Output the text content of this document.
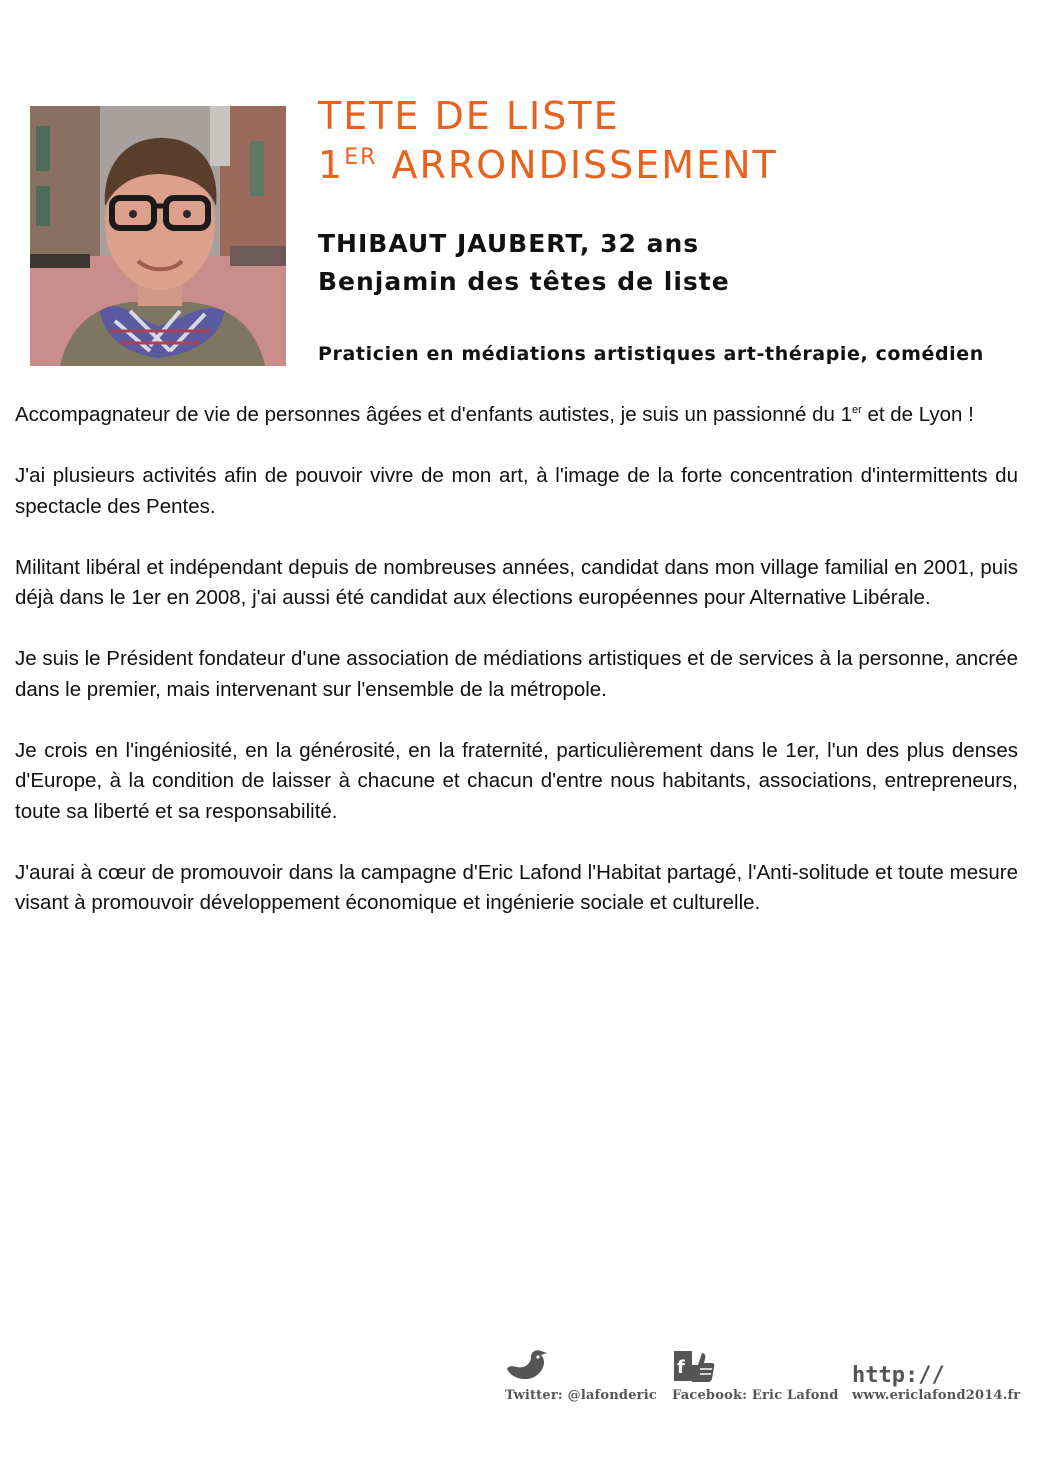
TETE DE LISTE
1ER ARRONDISSEMENT
THIBAUT JAUBERT, 32 ans
Benjamin des têtes de liste
Praticien en médiations artistiques art-thérapie, comédien

Accompagnateur de vie de personnes âgées et d'enfants autistes, je suis un passionné du 1er et de Lyon !

J'ai plusieurs activités afin de pouvoir vivre de mon art, à l'image de la forte concentration d'intermittents du spectacle des Pentes.

Militant libéral et indépendant depuis de nombreuses années, candidat dans mon village familial en 2001, puis déjà dans le 1er en 2008, j'ai aussi été candidat aux élections européennes pour Alternative Libérale.

Je suis le Président fondateur d'une association de médiations artistiques et de services à la personne, ancrée dans le premier, mais intervenant sur l'ensemble de la métropole.

Je crois en l'ingéniosité, en la générosité, en la fraternité, particulièrement dans le 1er, l'un des plus denses d'Europe, à la condition de laisser à chacune et chacun d'entre nous habitants, associations, entrepreneurs, toute sa liberté et sa responsabilité.

J'aurai à cœur de promouvoir dans la campagne d'Eric Lafond l'Habitat partagé, l'Anti-solitude et toute mesure visant à promouvoir développement économique et ingénierie sociale et culturelle.

Twitter: @lafonderic
f
Facebook: Eric Lafond
http://
www.ericlafond2014.fr
